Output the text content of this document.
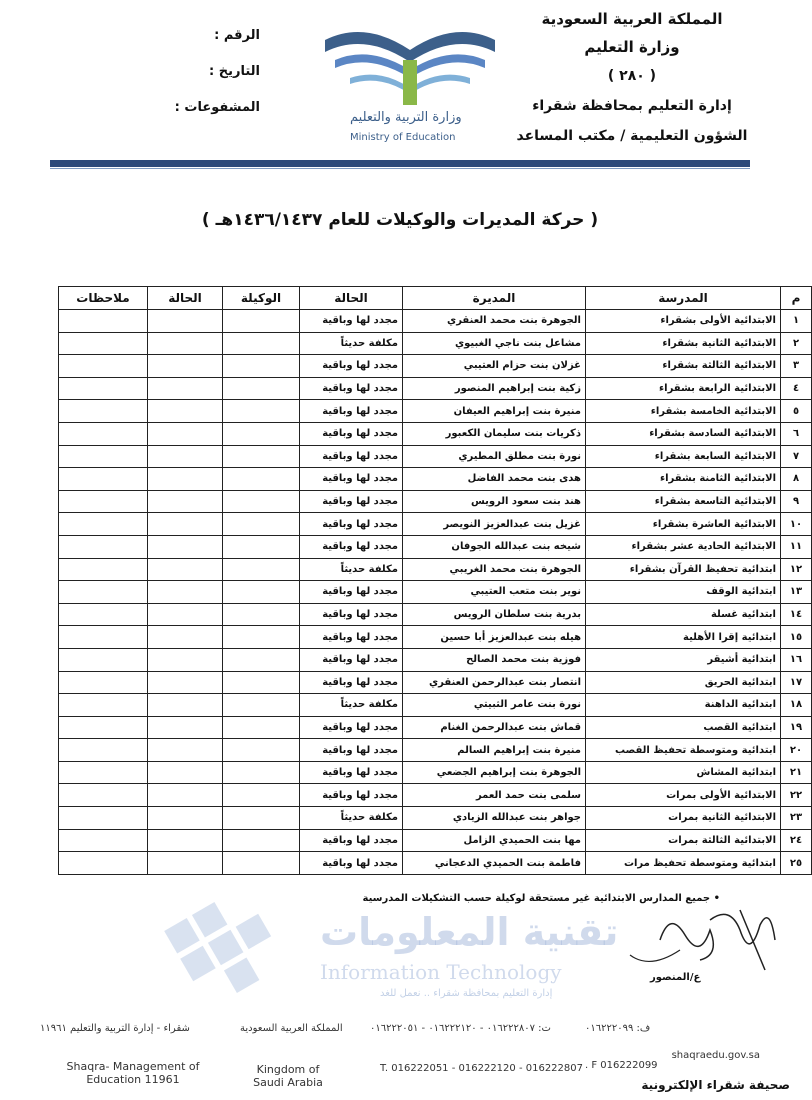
المملكة العربية السعودية
وزارة التعليم
( ٢٨٠ )
إدارة التعليم بمحافظة شقراء
الشؤون التعليمية / مكتب المساعد
الرقم :
التاريخ :
المشفوعات :
وزارة التربية والتعليم
Ministry of Education
( حركة المديرات والوكيلات للعام ١٤٣٦/١٤٣٧هـ )
م	المدرسة	المديرة	الحالة	الوكيلة	الحالة	ملاحظات
١	الابتدائية الأولى بشقراء	الجوهرة بنت محمد العنقري	مجدد لها وباقية			
٢	الابتدائية الثانية بشقراء	مشاعل بنت ناجي الغبيوي	مكلفة حديثاً			
٣	الابتدائية الثالثة بشقراء	غزلان بنت حزام العتيبي	مجدد لها وباقية			
٤	الابتدائية الرابعة بشقراء	زكية بنت إبراهيم المنصور	مجدد لها وباقية			
٥	الابتدائية الخامسة بشقراء	منيرة بنت إبراهيم العيفان	مجدد لها وباقية			
٦	الابتدائية السادسة بشقراء	ذكريات بنت سليمان الكعبور	مجدد لها وباقية			
٧	الابتدائية السابعة بشقراء	نورة بنت مطلق المطيري	مجدد لها وباقية			
٨	الابتدائية الثامنة بشقراء	هدى بنت محمد الفاضل	مجدد لها وباقية			
٩	الابتدائية التاسعة بشقراء	هند بنت سعود الرويس	مجدد لها وباقية			
١٠	الابتدائية العاشرة بشقراء	غزيل بنت عبدالعزيز النويصر	مجدد لها وباقية			
١١	الابتدائية الحادية عشر بشقراء	شيخه بنت عبدالله الجوفان	مجدد لها وباقية			
١٢	ابتدائية تحفيظ القرآن بشقراء	الجوهرة بنت محمد الغريبي	مكلفة حديثاً			
١٣	ابتدائية الوقف	نوير بنت متعب العتيبي	مجدد لها وباقية			
١٤	ابتدائية غسلة	بدرية بنت سلطان الرويس	مجدد لها وباقية			
١٥	ابتدائية إقرا الأهلية	هيله بنت عبدالعزيز أبا حسين	مجدد لها وباقية			
١٦	ابتدائية أشيقر	فوزية بنت محمد الصالح	مجدد لها وباقية			
١٧	ابتدائية الحريق	انتصار بنت عبدالرحمن العنقري	مجدد لها وباقية			
١٨	ابتدائية الداهنة	نورة بنت عامر الثبيتي	مكلفة حديثاً			
١٩	ابتدائية القصب	قماش بنت عبدالرحمن الغنام	مجدد لها وباقية			
٢٠	ابتدائية ومتوسطة تحفيظ القصب	منيرة بنت إبراهيم السالم	مجدد لها وباقية			
٢١	ابتدائية المشاش	الجوهرة بنت إبراهيم الجضعي	مجدد لها وباقية			
٢٢	الابتدائية الأولى بمرات	سلمى بنت حمد العمر	مجدد لها وباقية			
٢٣	الابتدائية الثانية بمرات	جواهر بنت عبدالله الزيادي	مكلفة حديثاً			
٢٤	الابتدائية الثالثة بمرات	مها بنت الحميدي الزامل	مجدد لها وباقية			
٢٥	ابتدائية ومتوسطة تحفيظ مرات	فاطمة بنت الحميدي الدعجاني	مجدد لها وباقية			
• جميع المدارس الابتدائية غير مستحقة لوكيلة حسب التشكيلات المدرسية
تقنية المعلومات
Information Technology
إدارة التعليم بمحافظة شقراء .. نعمل للغد
ع/المنصور
ف: ٠١٦٢٢٢٠٩٩
ت: ٠١٦٢٢٢٨٠٧ - ٠١٦٢٢٢١٢٠ - ٠١٦٢٢٢٠٥١
المملكة العربية السعودية
شقراء - إدارة التربية والتعليم ١١٩٦١
shaqraedu.gov.sa
. F 016222099
T. 016222051 - 016222120 - 016222807
Kingdom of Saudi Arabia
Shaqra- Management of Education 11961	صحيفة شقراء الإلكترونية
